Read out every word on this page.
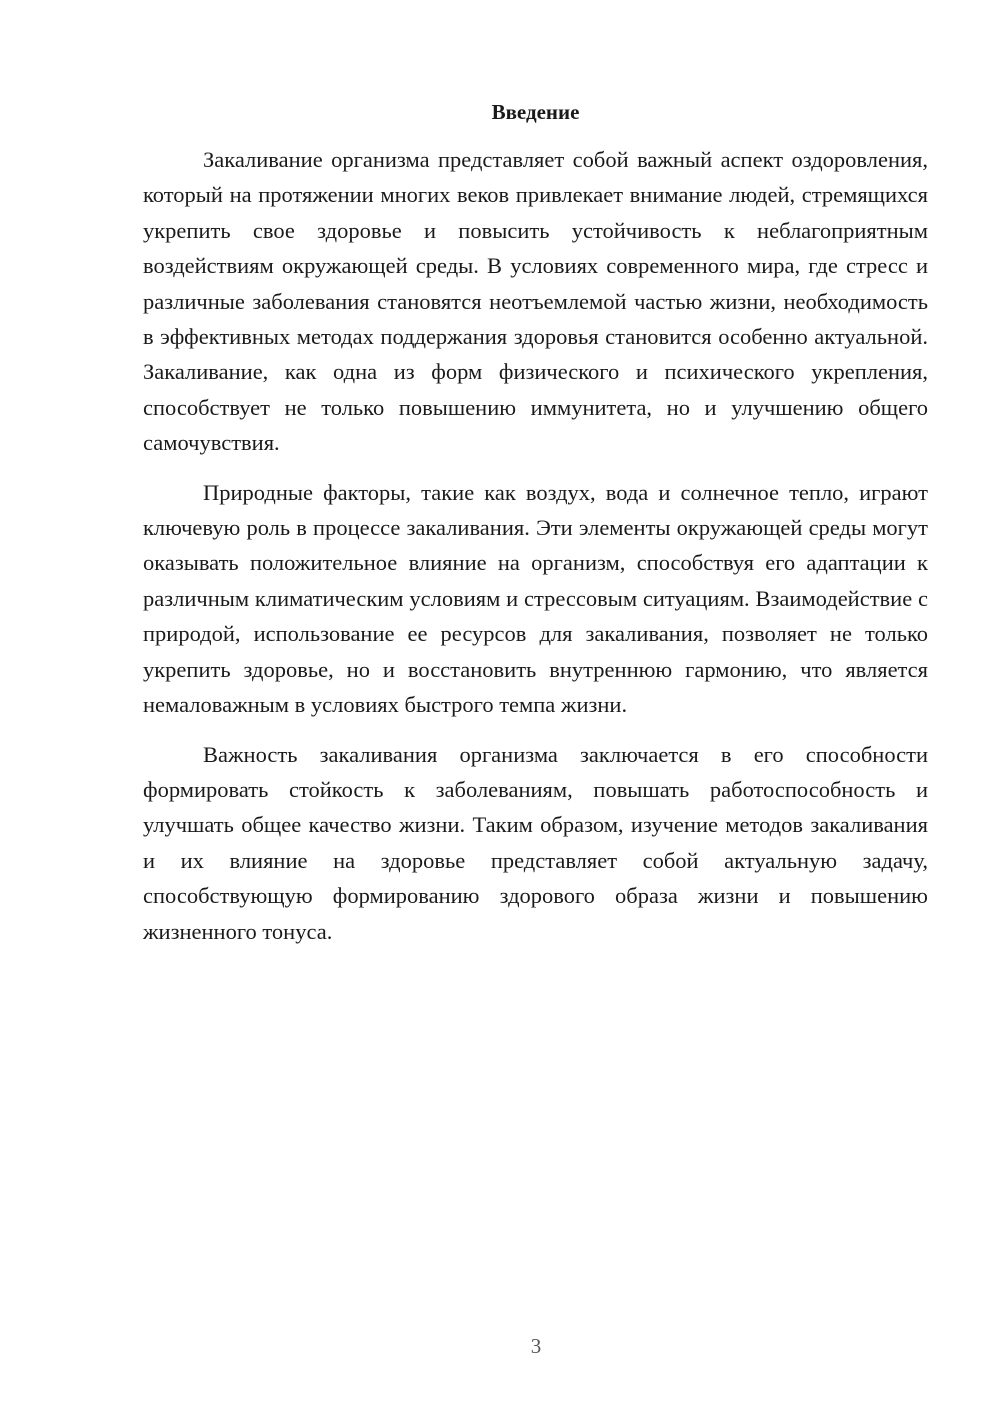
Введение

Закаливание организма представляет собой важный аспект оздоровления, который на протяжении многих веков привлекает внимание людей, стремящихся укрепить свое здоровье и повысить устойчивость к неблагоприятным воздействиям окружающей среды. В условиях современного мира, где стресс и различные заболевания становятся неотъемлемой частью жизни, необходимость в эффективных методах поддержания здоровья становится особенно актуальной. Закаливание, как одна из форм физического и психического укрепления, способствует не только повышению иммунитета, но и улучшению общего самочувствия.

Природные факторы, такие как воздух, вода и солнечное тепло, играют ключевую роль в процессе закаливания. Эти элементы окружающей среды могут оказывать положительное влияние на организм, способствуя его адаптации к различным климатическим условиям и стрессовым ситуациям. Взаимодействие с природой, использование ее ресурсов для закаливания, позволяет не только укрепить здоровье, но и восстановить внутреннюю гармонию, что является немаловажным в условиях быстрого темпа жизни.

Важность закаливания организма заключается в его способности формировать стойкость к заболеваниям, повышать работоспособность и улучшать общее качество жизни. Таким образом, изучение методов закаливания и их влияние на здоровье представляет собой актуальную задачу, способствующую формированию здорового образа жизни и повышению жизненного тонуса.

3
